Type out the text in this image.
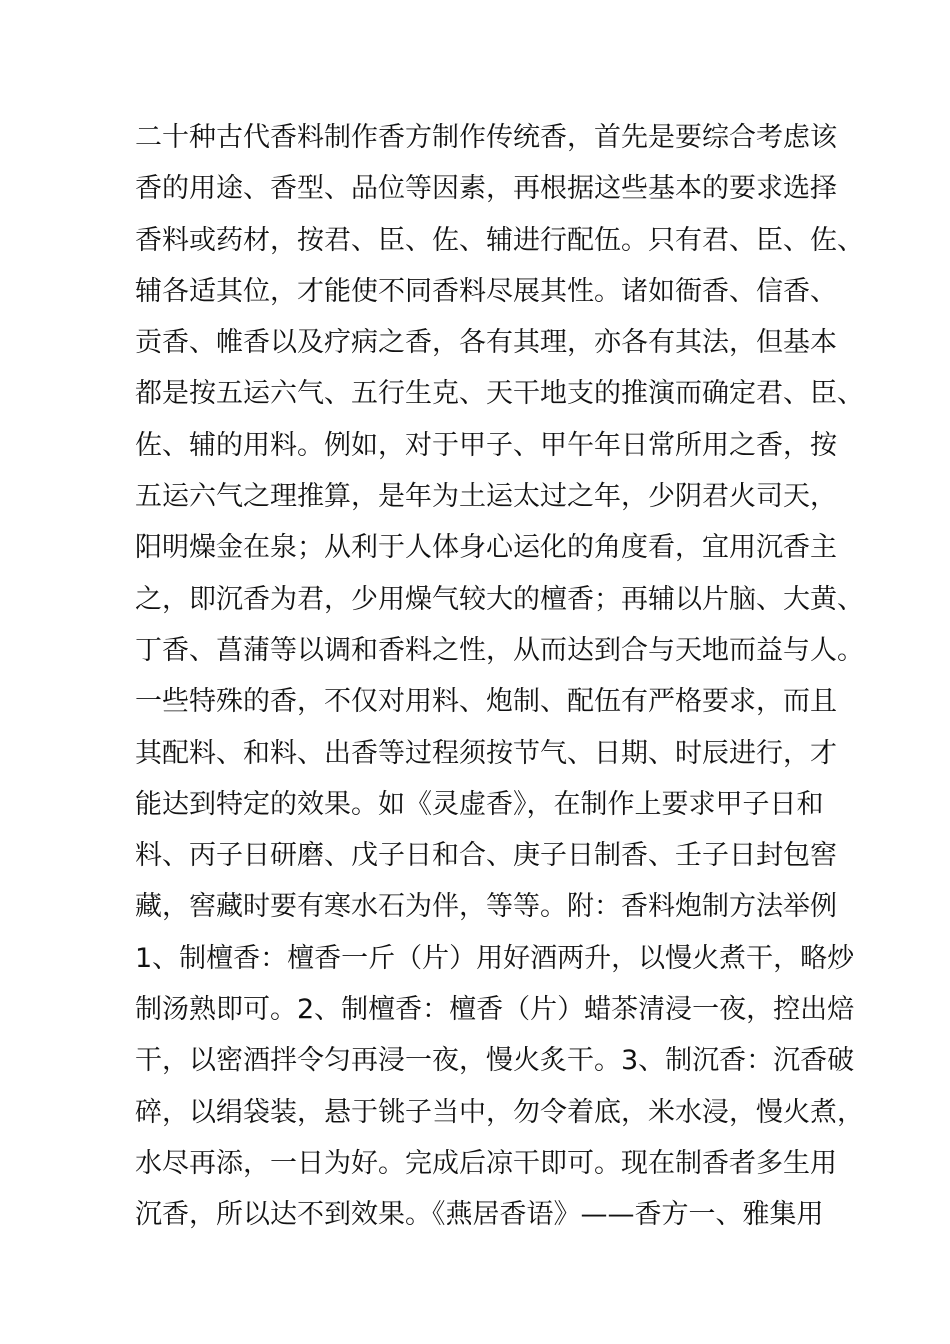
二十种古代香料制作香方制作传统香，首先是要综合考虑该
香的用途、香型、品位等因素，再根据这些基本的要求选择
香料或药材，按君、臣、佐、辅进行配伍。只有君、臣、佐、
辅各适其位，才能使不同香料尽展其性。诸如衙香、信香、
贡香、帷香以及疗病之香，各有其理，亦各有其法，但基本
都是按五运六气、五行生克、天干地支的推演而确定君、臣、
佐、辅的用料。例如，对于甲子、甲午年日常所用之香，按
五运六气之理推算，是年为土运太过之年，少阴君火司天，
阳明燥金在泉；从利于人体身心运化的角度看，宜用沉香主
之，即沉香为君，少用燥气较大的檀香；再辅以片脑、大黄、
丁香、菖蒲等以调和香料之性，从而达到合与天地而益与人。
一些特殊的香，不仅对用料、炮制、配伍有严格要求，而且
其配料、和料、出香等过程须按节气、日期、时辰进行，才
能达到特定的效果。如《灵虚香》，在制作上要求甲子日和
料、丙子日研磨、戊子日和合、庚子日制香、壬子日封包窖
藏，窖藏时要有寒水石为伴，等等。附：香料炮制方法举例
1、制檀香：檀香一斤（片）用好酒两升，以慢火煮干，略炒
制汤熟即可。2、制檀香：檀香（片）蜡茶清浸一夜，控出焙
干，以密酒拌令匀再浸一夜，慢火炙干。3、制沉香：沉香破
碎，以绢袋装，悬于铫子当中，勿令着底，米水浸，慢火煮，
水尽再添，一日为好。完成后凉干即可。现在制香者多生用
沉香，所以达不到效果。《燕居香语》——香方一、雅集用
